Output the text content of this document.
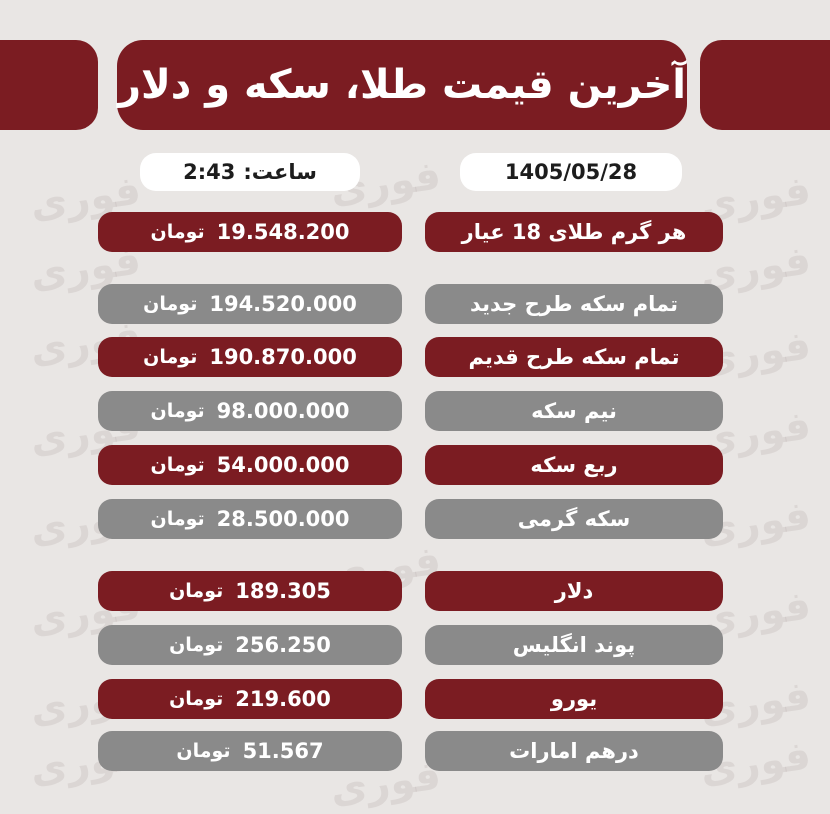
فوری
فوری
فوری
فوری
فوری
فوری
فوری
فوری
فوری
فوری
فوری
فوری
فوری
فوری
فوری
فوری
فوری
فوری
فوری
آخرین قیمت طلا، سکه و دلار
ساعت:
2:43	1405/05/28
تومان 19.548.200	هر گرم طلای 18 عیار
تومان 194.520.000	تمام سکه طرح جدید
تومان 190.870.000	تمام سکه طرح قدیم
تومان 98.000.000	نیم سکه
تومان 54.000.000	ربع سکه
تومان 28.500.000	سکه گرمی
تومان 189.305	دلار
تومان 256.250	پوند انگلیس
تومان 219.600	یورو
تومان 51.567	درهم امارات
